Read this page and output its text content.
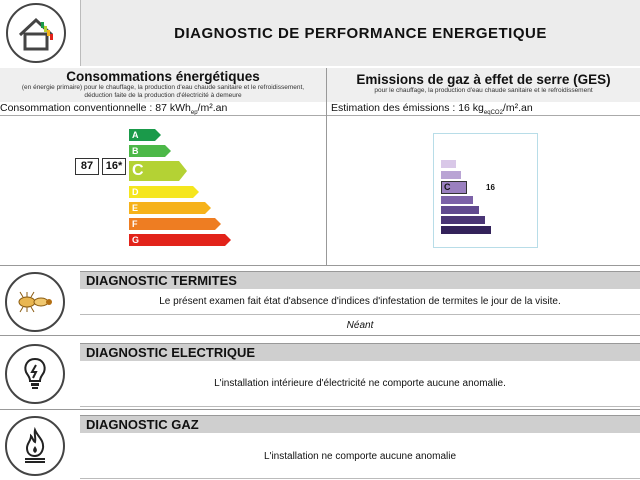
DIAGNOSTIC DE PERFORMANCE ENERGETIQUE
Consommations énergétiques
(en énergie primaire) pour le chauffage, la production d'eau chaude sanitaire et le refroidissement, déduction faite de la production d'électricité à demeure
Consommation conventionnelle : 87 kWh$_{ep}$/m².an

87	16*
A
B
C
D
E
F
G
Emissions de gaz à effet de serre (GES)
pour le chauffage, la production d'eau chaude sanitaire et le refroidissement
Estimation des émissions : 16 $kg_{eqCO2}/m^2.an$
C	16
DIAGNOSTIC TERMITES
Le présent examen fait état d'absence d'indices d'infestation de termites le jour de la visite.
Néant
DIAGNOSTIC ELECTRIQUE
L'installation intérieure d'électricité ne comporte aucune anomalie.
DIAGNOSTIC GAZ
L'installation ne comporte aucune anomalie
